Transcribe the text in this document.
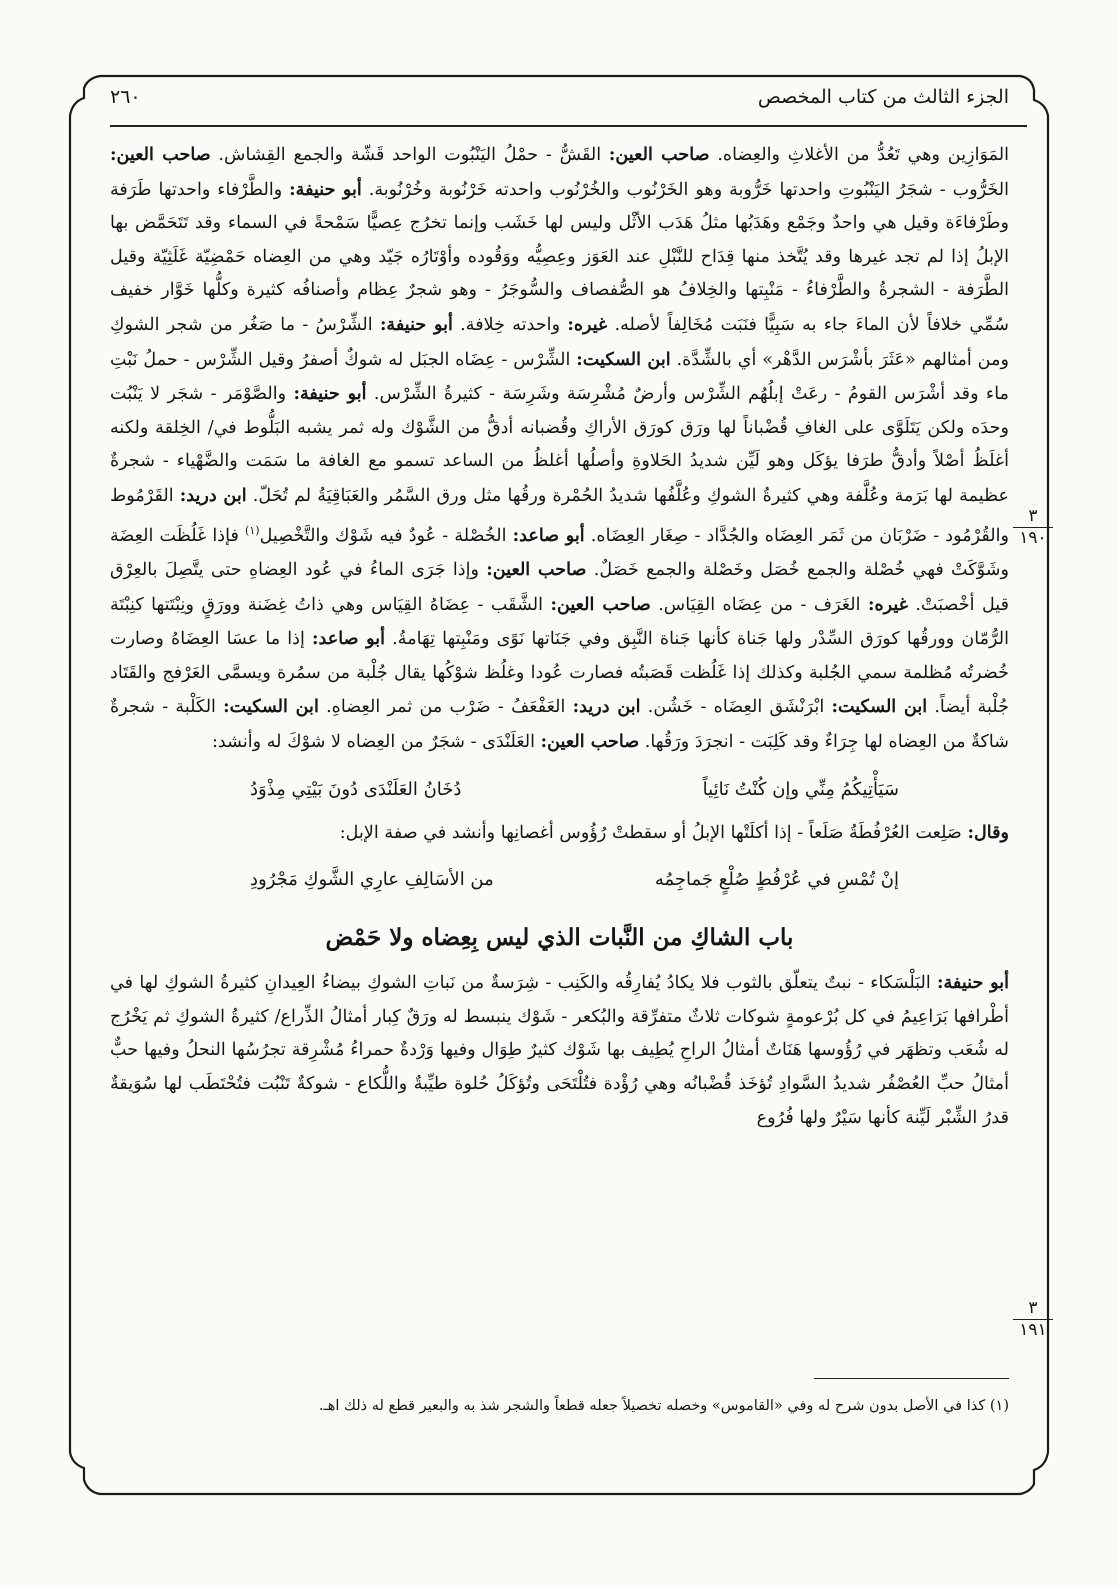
الجزء الثالث من كتاب المخصص
٢٦٠
٣
١٩٠
٣
١٩١

المَوَازِين وهي تَعُدُّ من الأغلاثِ والعِضاه. صاحب العين: القَشُّ - حمْلُ اليَنْبُوت الواحد قَشّة والجمع القِشاش. صاحب العين: الخَرُّوب - شجَرُ اليَنْبُوتِ واحدتها خَرُّوبة وهو الخَرْنُوب والخُرْنُوب واحدته خَرْنُوبة وخُرْنُوبة. أبو حنيفة: والطَّرْفاء واحدتها طَرَفة وطَرْفاءَة وقيل هي واحدٌ وجَمْع وهَدَبُها مثلُ هَدَب الأثْل وليس لها خَشَب وإنما تخرُج عِصيًّا سَمْحةً في السماء وقد تَتَحَمَّض بها الإبلُ إذا لم تجد غيرها وقد يُتَّخذ منها قِدَاح للنَّبْلِ عند العَوَز وعِصِيُّه ووَقُوده وأوْتَارُه جَيّد وهي من العِضاه حَمْضِيّة غَلَثِيّة وقيل الطَّرَفة - الشجرةُ والطَّرْفاءُ - مَنْبِتها والخِلافُ هو الصُّفصاف والسُّوجَرُ - وهو شجرٌ عِظام وأصنافُه كثيرة وكلُّها خَوَّار خفيف سُمِّي خلافاً لأن الماءَ جاء به سَبِيًّا فنَبَت مُخَالِفاً لأصله. غيره: واحدته خِلافة. أبو حنيفة: الشِّرْسُ - ما صَغُر من شجر الشوكِ ومن أمثالهم «عَثَرَ بأشْرَس الدَّهْر» أي بالشِّدَّة. ابن السكيت: الشِّرْس - عِضَاه الجبَل له شوكٌ أصفرُ وقيل الشِّرْس - حملُ نَبْتِ ماء وقد أشْرَس القومُ - رعَتْ إبلُهُم الشِّرْس وأرضٌ مُشْرِسَة وشَرِسَة - كثيرةُ الشِّرْس. أبو حنيفة: والصَّوْمَر - شجَر لا يَنْبُت وحدَه ولكن يَتَلَوَّى على الغافِ قُضْباناً لها ورَق كورَق الأراكِ وقُضبانه أدقُّ من الشَّوْك وله ثمر يشبه البَلُّوط في/ الخِلقة ولكنه أغلَظُ أصْلاً وأدقُّ طرَفا يؤكَل وهو لَيِّن شديدُ الحَلاوةِ وأصلُها أغلظُ من الساعد تسمو مع الغافة ما سَمَت والضَّهْياء - شجرةٌ عظيمة لها بَرَمة وعُلَّفة وهي كثيرةُ الشوكِ وعُلَّفُها شديدُ الحُمْرة ورقُها مثل ورق السَّمُر والعَبَاقِيَةُ لم تُحَلّ. ابن دريد: القَرْمُوط والقُرْمُود - ضَرْبَان من ثَمَر العِضَاه والجُدَّاد - صِغَار العِضَاه. أبو صاعد: الخُصْلة - عُودٌ فيه شَوْك والتَّخْصِيل$^{(١)}$ فإذا غَلُظَت العِضَة وشَوَّكَتْ فهي خُصْلة والجمع خُصَل وخَصْلة والجمع خَصَلٌ. صاحب العين: وإذا جَرَى الماءُ في عُود العِضاهِ حتى يتَّصِلَ بالعِرْق قيل أخْصبَتْ. غيره: الغَرَف - من عِضَاه القِيَاس. صاحب العين: الشَّقَب - عِضَاهُ القِيَاس وهي ذاتُ غِضَنة وورَقٍ ونِبْتَتها كنِبْتَة الرُّمّان وورقُها كورَق السِّدْر ولها جَناة كأنها جَناة النَّبِق وفي جَنَاتها نَوًى ومَنْبِتها تِهَامةُ. أبو صاعد: إذا ما عسَا العِضَاهُ وصارت خُضرتُه مُظلمة سمي الجُلبة وكذلك إذا غَلُظت قَصَبتُه فصارت عُودا وغلُظ شوْكُها يقال جُلْبة من سمُرة ويسمَّى العَرْفج والقَتَاد جُلْبة أيضاً. ابن السكيت: ابْرَنْشَق العِضَاه - خَشُن. ابن دريد: العَفْعَفُ - ضَرْب من ثمر العِضاهِ. ابن السكيت: الكَلْبة - شجرةٌ شاكةٌ من العِضاه لها جِرَاءٌ وقد كَلِبَت - انجرَدَ ورَقُها. صاحب العين: العَلَنْدَى - شجَرٌ من العِضاه لا شوْكَ له وأنشد:

سَيَأْتِيكُمُ مِنِّي وإن كُنْتُ نَائِياً
دُخَانُ العَلَنْدَى دُونَ بَيْتِي مِذْوَدُ

وقال: صَلِعت العُرْفُطَةُ صَلَعاً - إذا أكلَتْها الإبلُ أو سقطتْ رُؤُوس أغصانِها وأنشد في صفة الإبل:

إنْ تُمْسِ في عُرْفُطٍ صُلْعٍ جَماجِمُه
من الأسَالِفِ عارِي الشَّوكِ مَجْرُودِ
باب الشاكِ من النَّبات الذي ليس بِعِضاه ولا حَمْض

أبو حنيفة: البَلْسَكاء - نبتٌ يتعلّق بالثوب فلا يكادُ يُفارِقُه والكَنِب - شِرَسةٌ من نَباتِ الشوكِ بيضاءُ العِيدانِ كثيرةُ الشوكِ لها في أطْرافها بَرَاعِيمُ في كل بُرْعومةٍ شوكات ثلاثٌ متفرِّقة والبُكعر - شَوْك ينبسط له ورَقٌ كِبار أمثالُ الذِّراع/ كثيرةُ الشوكِ ثم يَخْرُج له شُعَب وتظهَر في رُؤُوسها هَنَاتٌ أمثالُ الراحِ يُطِيف بها شَوْك كثيرٌ طِوَال وفيها وَرْدةٌ حمراءُ مُشْرِقة تجرُسُها النحلُ وفيها حبٌّ أمثالُ حبِّ العُصْفُر شديدُ السَّوادِ تُؤخَذ قُضْبانُه وهي رُؤْدة فتُلْتَحَى وتُؤكَلُ حُلوة طيِّبةٌ واللُّكاع - شوكةٌ تَنْبُت فتُحْتَطَب لها سُوَيقةٌ قدرُ الشِّبْر لَيِّنة كأنها سَيْرٌ ولها فُرُوع

(١) كذا في الأصل بدون شرح له وفي «القاموس» وخصله تخصيلاً جعله قطعاً والشجر شذ به والبعير قطع له ذلك اهـ.
